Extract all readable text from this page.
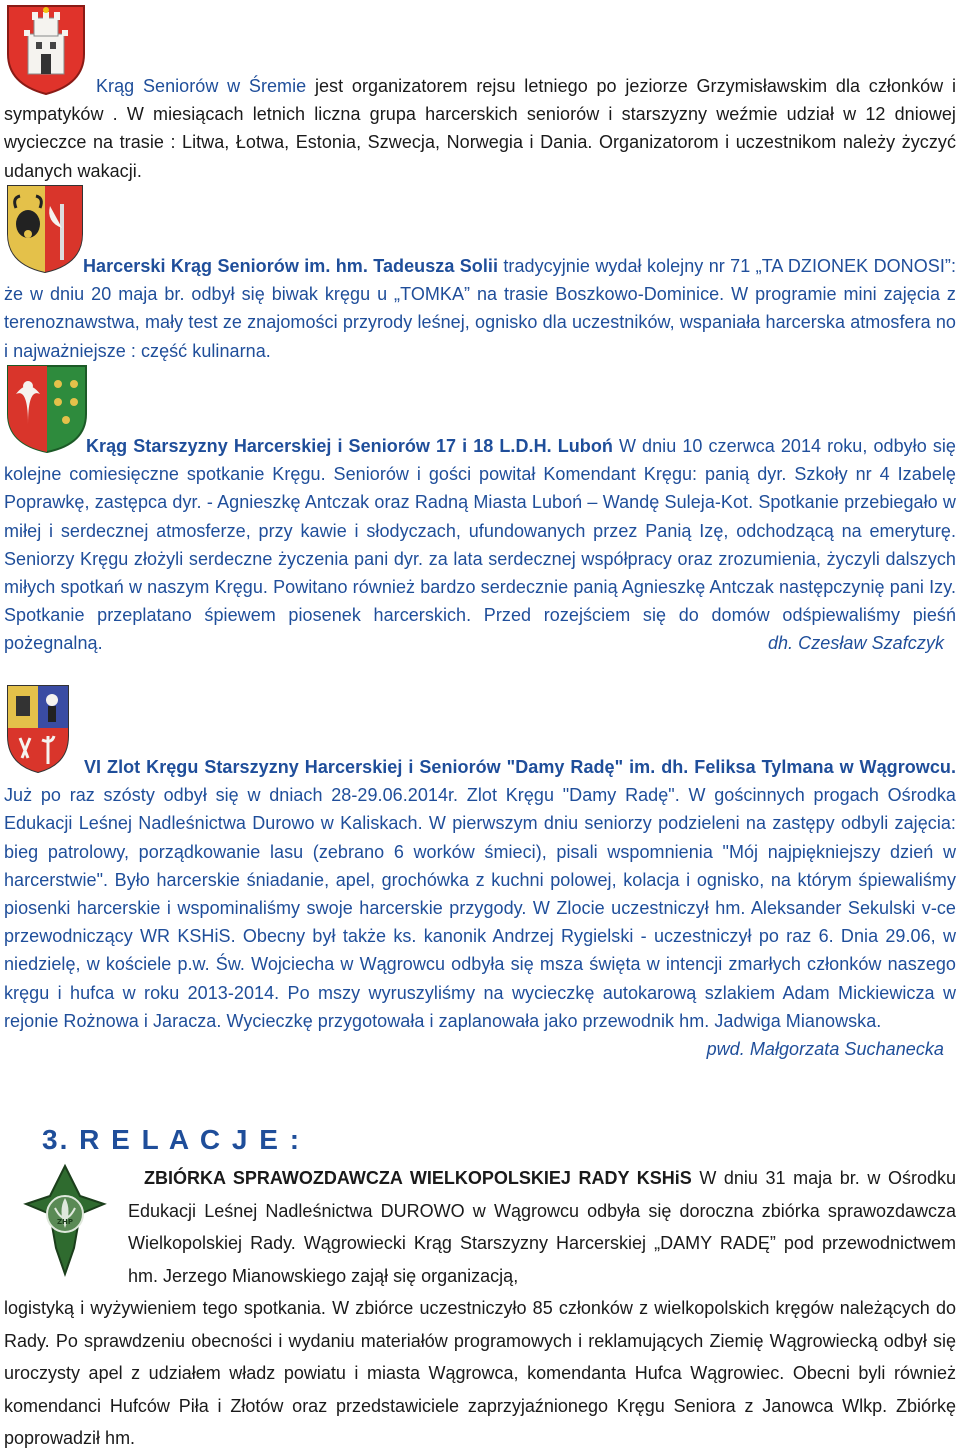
Krąg Seniorów w Śremie jest organizatorem rejsu letniego po jeziorze Grzymisławskim dla członków i sympatyków . W miesiącach letnich liczna grupa harcerskich seniorów i starszyzny weźmie udział w 12 dniowej wycieczce na trasie : Litwa, Łotwa, Estonia, Szwecja, Norwegia i Dania. Organizatorom i uczestnikom należy życzyć udanych wakacji.

Harcerski Krąg Seniorów im. hm. Tadeusza Solii tradycyjnie wydał kolejny nr 71 „TA DZIONEK DONOSI”: że w dniu 20 maja br. odbył się biwak kręgu u „TOMKA” na trasie Boszkowo-Dominice. W programie mini zajęcia z terenoznawstwa, mały test ze znajomości przyrody leśnej, ognisko dla uczestników, wspaniała harcerska atmosfera no i najważniejsze : część kulinarna.

Krąg Starszyzny Harcerskiej i Seniorów 17 i 18 L.D.H. Luboń W dniu 10 czerwca 2014 roku, odbyło się kolejne comiesięczne spotkanie Kręgu. Seniorów i gości powitał Komendant Kręgu: panią dyr. Szkoły nr 4 Izabelę Poprawkę, zastępca dyr. - Agnieszkę Antczak oraz Radną Miasta Luboń – Wandę Suleja-Kot. Spotkanie przebiegało w miłej i serdecznej atmosferze, przy kawie i słodyczach, ufundowanych przez Panią Izę, odchodzącą na emeryturę. Seniorzy Kręgu złożyli serdeczne życzenia pani dyr. za lata serdecznej współpracy oraz zrozumienia, życzyli dalszych miłych spotkań w naszym Kręgu. Powitano również bardzo serdecznie panią Agnieszkę Antczak następczynię pani Izy. Spotkanie przeplatano śpiewem piosenek harcerskich. Przed rozejściem się do domów odśpiewaliśmy pieśń pożegnalną.	dh. Czesław Szafczyk

VI Zlot Kręgu Starszyzny Harcerskiej i Seniorów "Damy Radę" im. dh. Feliksa Tylmana w Wągrowcu. Już po raz szósty odbył się w dniach 28-29.06.2014r. Zlot Kręgu "Damy Radę". W gościnnych progach Ośrodka Edukacji Leśnej Nadleśnictwa Durowo w Kaliskach. W pierwszym dniu seniorzy podzieleni na zastępy odbyli zajęcia: bieg patrolowy, porządkowanie lasu (zebrano 6 worków śmieci), pisali wspomnienia "Mój najpiękniejszy dzień w harcerstwie". Było harcerskie śniadanie, apel, grochówka z kuchni polowej, kolacja i ognisko, na którym śpiewaliśmy piosenki harcerskie i wspominaliśmy swoje harcerskie przygody. W Zlocie uczestniczył hm. Aleksander Sekulski v-ce przewodniczący WR KSHiS. Obecny był także ks. kanonik Andrzej Rygielski - uczestniczył po raz 6. Dnia 29.06, w niedzielę, w kościele p.w. Św. Wojciecha w Wągrowcu odbyła się msza święta w intencji zmarłych członków naszego kręgu i hufca w roku 2013-2014. Po mszy wyruszyliśmy na wycieczkę autokarową szlakiem Adam Mickiewicza w rejonie Rożnowa i Jaracza. Wycieczkę przygotowała i zaplanowała jako przewodnik hm. Jadwiga Mianowska.
pwd. Małgorzata Suchanecka

3. R E L A C J E :
ZHP

ZBIÓRKA SPRAWOZDAWCZA WIELKOPOLSKIEJ RADY KSHiS W dniu 31 maja br. w Ośrodku Edukacji Leśnej Nadleśnictwa DUROWO w Wągrowcu odbyła się doroczna zbiórka sprawozdawcza Wielkopolskiej Rady. Wągrowiecki Krąg Starszyzny Harcerskiej „DAMY RADĘ” pod przewodnictwem hm. Jerzego Mianowskiego zajął się organizacją,

logistyką i wyżywieniem tego spotkania. W zbiórce uczestniczyło 85 członków z wielkopolskich kręgów należących do Rady. Po sprawdzeniu obecności i wydaniu materiałów programowych i reklamujących Ziemię Wągrowiecką odbył się uroczysty apel z udziałem władz powiatu i miasta Wągrowca, komendanta Hufca Wągrowiec. Obecni byli również komendanci Hufców Piła i Złotów oraz przedstawiciele zaprzyjaźnionego Kręgu Seniora z Janowca Wlkp. Zbiórkę poprowadził hm.
